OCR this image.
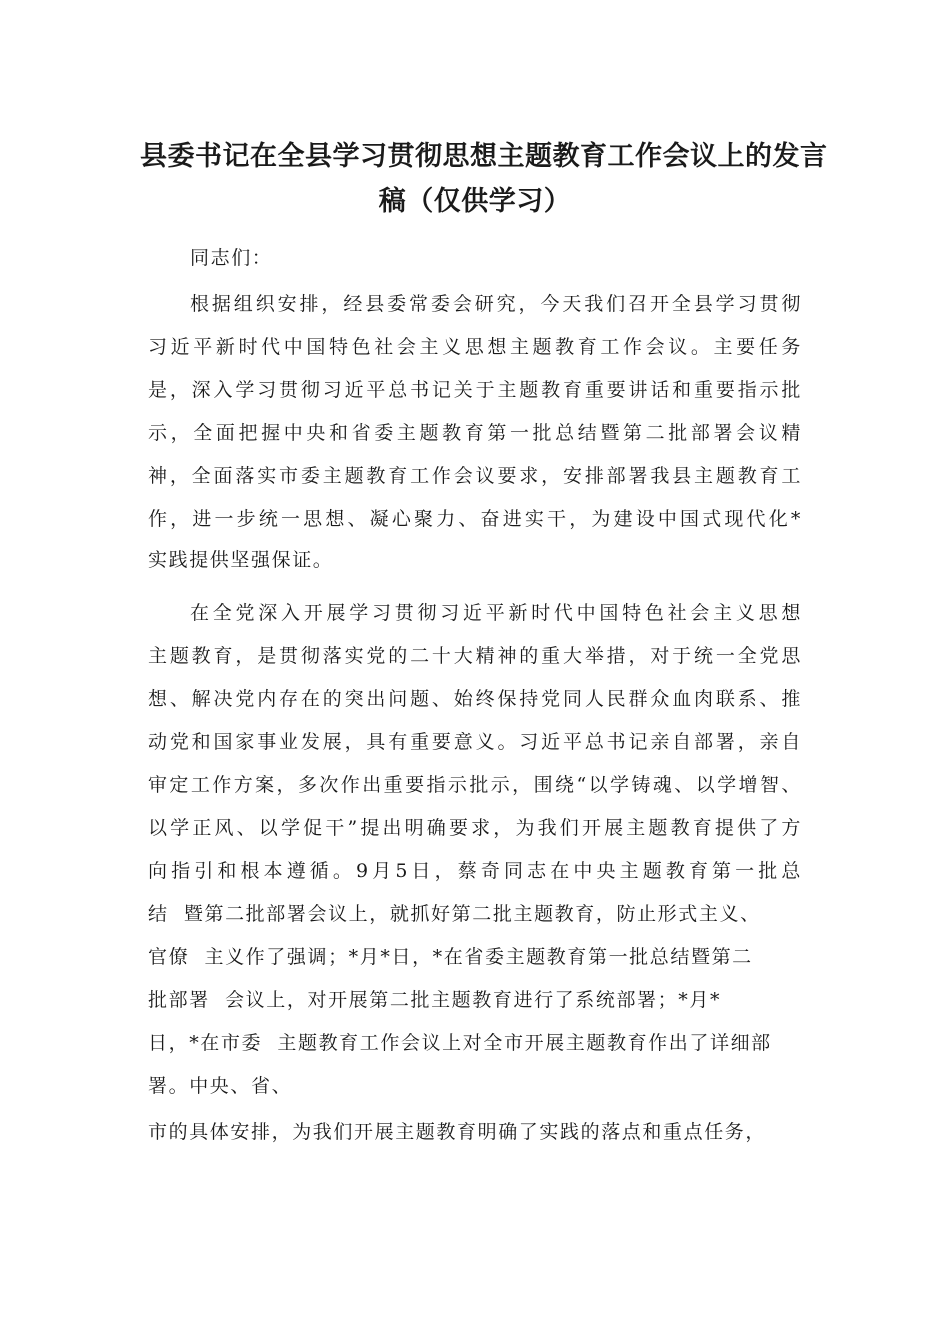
县委书记在全县学习贯彻思想主题教育工作会议上的发言
稿（仅供学习）
同志们：
根据组织安排，经县委常委会研究，今天我们召开全县学习贯彻
习近平新时代中国特色社会主义思想主题教育工作会议。主要任务
是，深入学习贯彻习近平总书记关于主题教育重要讲话和重要指示批
示，全面把握中央和省委主题教育第一批总结暨第二批部署会议精
神，全面落实市委主题教育工作会议要求，安排部署我县主题教育工
作，进一步统一思想、凝心聚力、奋进实干，为建设中国式现代化*
实践提供坚强保证。
在全党深入开展学习贯彻习近平新时代中国特色社会主义思想
主题教育，是贯彻落实党的二十大精神的重大举措，对于统一全党思
想、解决党内存在的突出问题、始终保持党同人民群众血肉联系、推
动党和国家事业发展，具有重要意义。习近平总书记亲自部署，亲自
审定工作方案，多次作出重要指示批示，围绕“以学铸魂、以学增智、
以学正风、以学促干”提出明确要求，为我们开展主题教育提供了方
向指引和根本遵循。9月5日，蔡奇同志在中央主题教育第一批总
结  暨第二批部署会议上，就抓好第二批主题教育，防止形式主义、
官僚  主义作了强调；*月*日，*在省委主题教育第一批总结暨第二
批部署  会议上，对开展第二批主题教育进行了系统部署；*月*
日，*在市委  主题教育工作会议上对全市开展主题教育作出了详细部
署。中央、省、
市的具体安排，为我们开展主题教育明确了实践的落点和重点任务，
